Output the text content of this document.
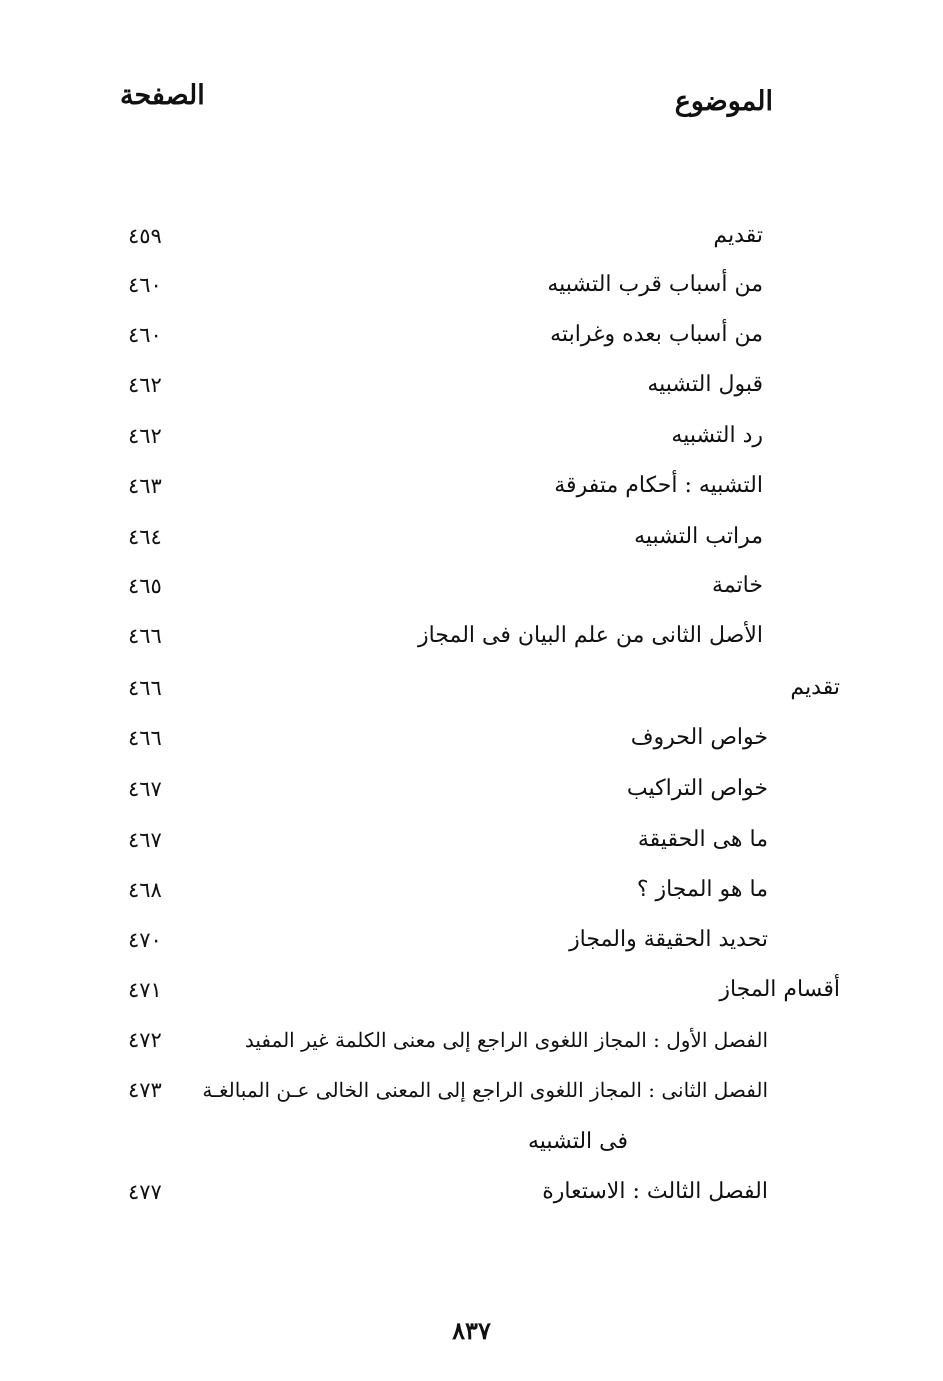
الموضوع
الصفحة
تقديم
٤٥٩
من أسباب قرب التشبيه
٤٦٠
من أسباب بعده وغرابته
٤٦٠
قبول التشبيه
٤٦٢
رد التشبيه
٤٦٢
التشبيه : أحكام متفرقة
٤٦٣
مراتب التشبيه
٤٦٤
خاتمة
٤٦٥
الأصل الثانى من علم البيان فى المجاز
٤٦٦
تقديم
٤٦٦
خواص الحروف
٤٦٦
خواص التراكيب
٤٦٧
ما هى الحقيقة
٤٦٧
ما هو المجاز ؟
٤٦٨
تحديد الحقيقة والمجاز
٤٧٠
أقسام المجاز
٤٧١
الفصل الأول : المجاز اللغوى الراجع إلى معنى الكلمة غير المفيد
٤٧٢
الفصل الثانى : المجاز اللغوى الراجع إلى المعنى الخالى عـن المبالغـة
٤٧٣
فى التشبيه
الفصل الثالث : الاستعارة
٤٧٧
٨٣٧
